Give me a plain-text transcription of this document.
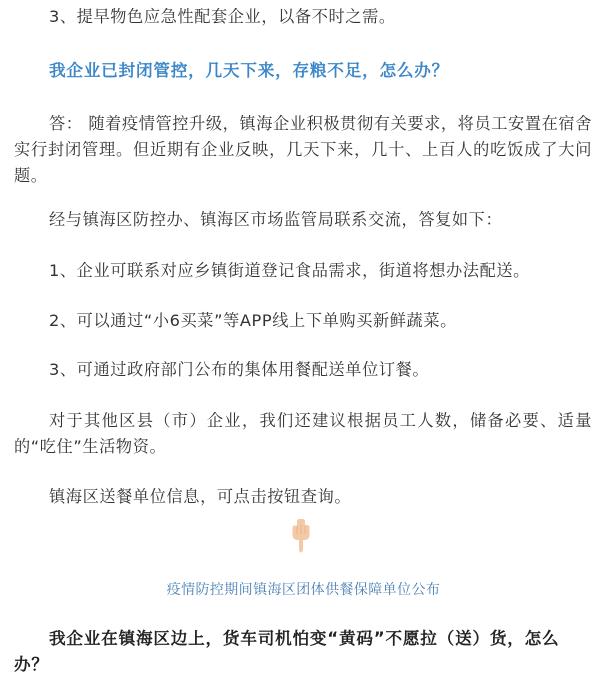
3、提早物色应急性配套企业，以备不时之需。

我企业已封闭管控，几天下来，存粮不足，怎么办？

答： 随着疫情管控升级，镇海企业积极贯彻有关要求，将员工安置在宿舍实行封闭管理。但近期有企业反映，几天下来，几十、上百人的吃饭成了大问题。

经与镇海区防控办、镇海区市场监管局联系交流，答复如下：

1、企业可联系对应乡镇街道登记食品需求，街道将想办法配送。

2、可以通过“小6买菜”等APP线上下单购买新鲜蔬菜。

3、可通过政府部门公布的集体用餐配送单位订餐。

对于其他区县（市）企业，我们还建议根据员工人数，储备必要、适量的“吃住”生活物资。

镇海区送餐单位信息，可点击按钮查询。

疫情防控期间镇海区团体供餐保障单位公布

我企业在镇海区边上，货车司机怕变“黄码”不愿拉（送）货，怎么办？
